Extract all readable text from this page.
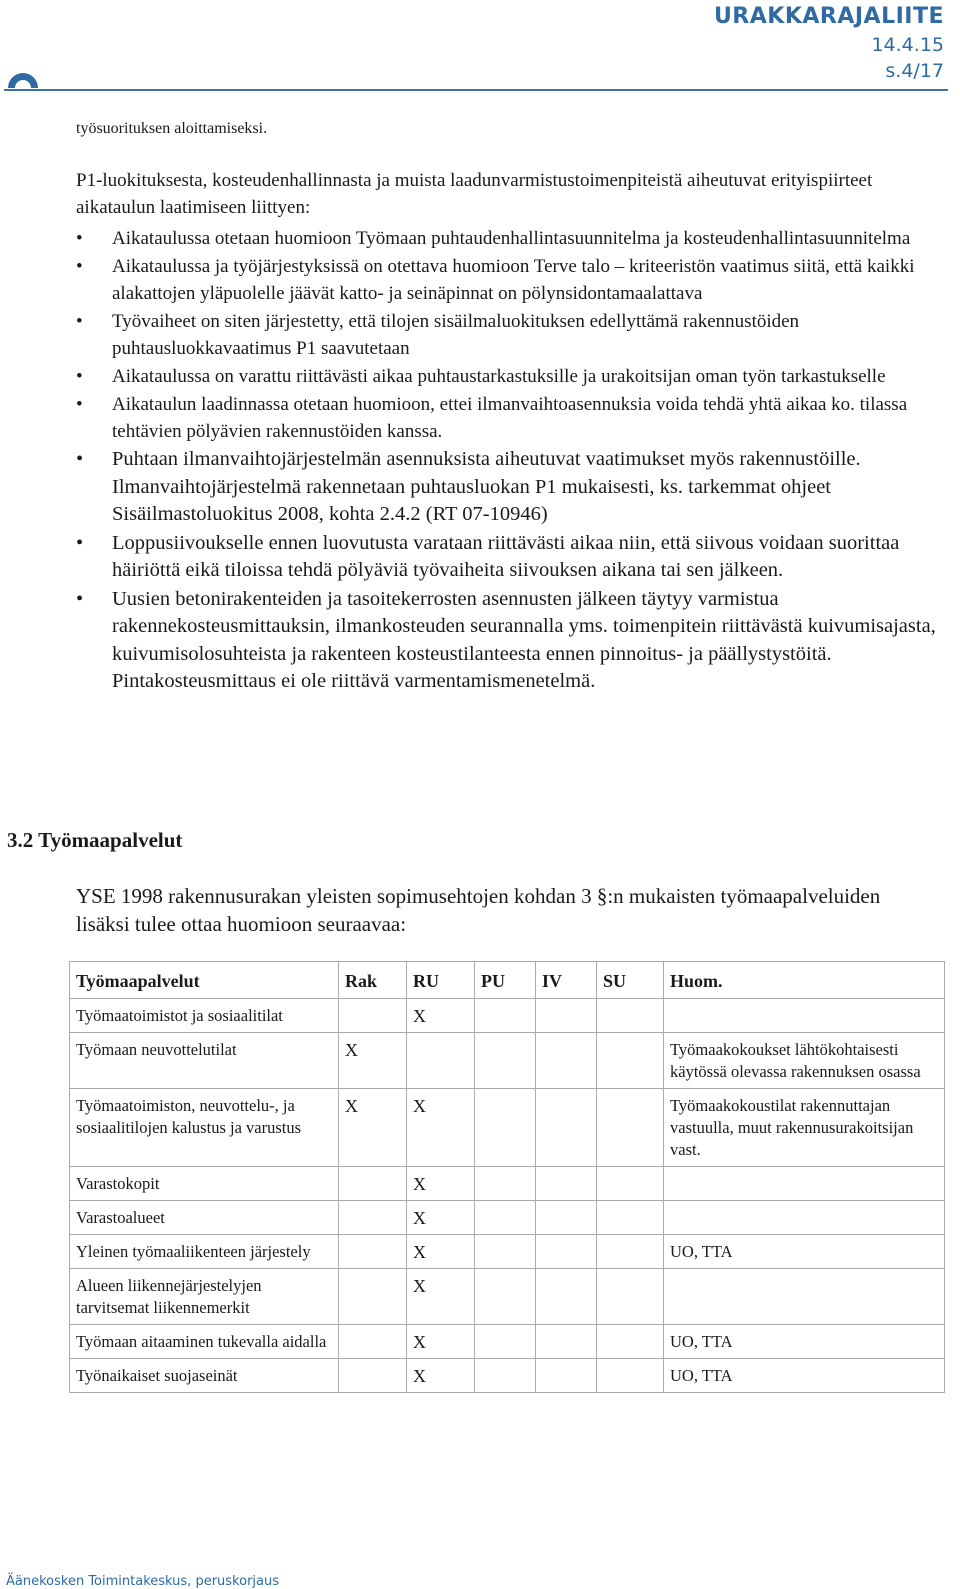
URAKKARAJALIITE
14.4.15
s.4/17
työsuorituksen aloittamiseksi.
P1-luokituksesta, kosteudenhallinnasta ja muista laadunvarmistustoimenpiteistä aiheutuvat erityispiirteet aikataulun laatimiseen liittyen:
• Aikataulussa otetaan huomioon Työmaan puhtaudenhallintasuunnitelma ja kosteudenhallintasuunnitelma
• Aikataulussa ja työjärjestyksissä on otettava huomioon Terve talo – kriteeristön vaatimus siitä, että kaikki alakattojen yläpuolelle jäävät katto- ja seinäpinnat on pölynsidontamaalattava
• Työvaiheet on siten järjestetty, että tilojen sisäilmaluokituksen edellyttämä rakennustöiden puhtausluokkavaatimus P1 saavutetaan
• Aikataulussa on varattu riittävästi aikaa puhtaustarkastuksille ja urakoitsijan oman työn tarkastukselle
• Aikataulun laadinnassa otetaan huomioon, ettei ilmanvaihtoasennuksia voida tehdä yhtä aikaa ko. tilassa tehtävien pölyävien rakennustöiden kanssa.
• Puhtaan ilmanvaihtojärjestelmän asennuksista aiheutuvat vaatimukset myös rakennustöille. Ilmanvaihtojärjestelmä rakennetaan puhtausluokan P1 mukaisesti, ks. tarkemmat ohjeet Sisäilmastoluokitus 2008, kohta 2.4.2 (RT 07-10946)
• Loppusiivoukselle ennen luovutusta varataan riittävästi aikaa niin, että siivous voidaan suorittaa häiriöttä eikä tiloissa tehdä pölyäviä työvaiheita siivouksen aikana tai sen jälkeen.
• Uusien betonirakenteiden ja tasoitekerrosten asennusten jälkeen täytyy varmistua rakennekosteusmittauksin, ilmankosteuden seurannalla yms. toimenpitein riittävästä kuivumisajasta, kuivumisolosuhteista ja rakenteen kosteustilanteesta ennen pinnoitus- ja päällystystöitä. Pintakosteusmittaus ei ole riittävä varmentamismenetelmä.
3.2 Työmaapalvelut
YSE 1998 rakennusurakan yleisten sopimusehtojen kohdan 3 §:n mukaisten työmaapalveluiden lisäksi tulee ottaa huomioon seuraavaa:
Työmaapalvelut	Rak	RU	PU	IV	SU	Huom.
Työmaatoimistot ja sosiaalitilat		X				
Työmaan neuvottelutilat	X					Työmaakokoukset lähtökohtaisesti käytössä olevassa rakennuksen osassa
Työmaatoimiston, neuvottelu-, ja sosiaalitilojen kalustus ja varustus	X	X				Työmaakokoustilat rakennuttajan vastuulla, muut rakennusurakoitsijan vast.
Varastokopit		X				
Varastoalueet		X				
Yleinen työmaaliikenteen järjestely		X				UO, TTA
Alueen liikennejärjestelyjen tarvitsemat liikennemerkit		X				
Työmaan aitaaminen tukevalla aidalla		X				UO, TTA
Työnaikaiset suojaseinät		X				UO, TTA
Äänekosken Toimintakeskus, peruskorjaus
